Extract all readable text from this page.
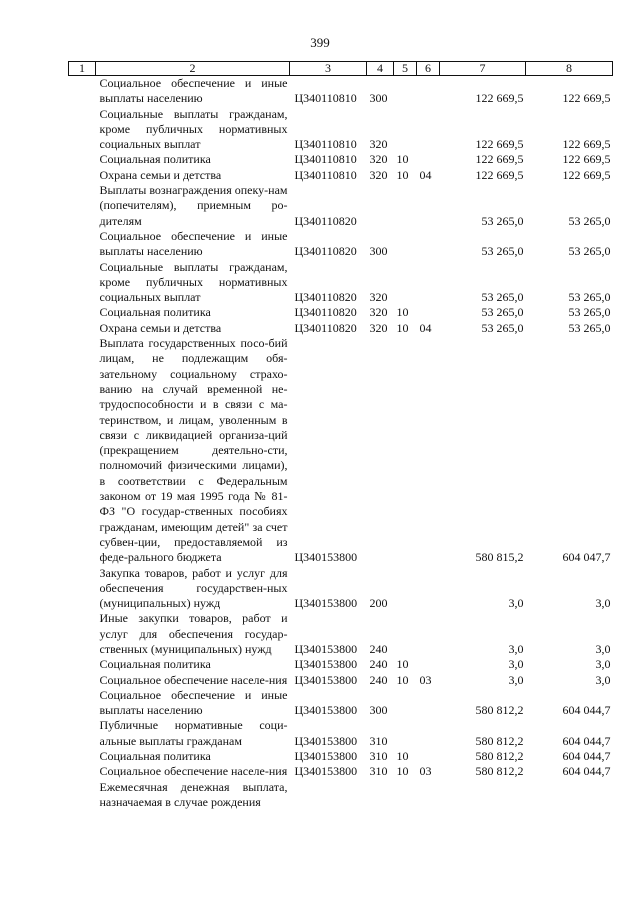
399
1	2	3	4	5	6	7	8
	Социальное обеспечение и иные выплаты населению	Ц340110810	300			122 669,5	122 669,5
	Социальные выплаты гражданам, кроме публичных нормативных социальных выплат	Ц340110810	320			122 669,5	122 669,5
	Социальная политика	Ц340110810	320	10		122 669,5	122 669,5
	Охрана семьи и детства	Ц340110810	320	10	04	122 669,5	122 669,5
	Выплаты вознаграждения опеку-нам (попечителям), приемным ро-дителям	Ц340110820				53 265,0	53 265,0
	Социальное обеспечение и иные выплаты населению	Ц340110820	300			53 265,0	53 265,0
	Социальные выплаты гражданам, кроме публичных нормативных социальных выплат	Ц340110820	320			53 265,0	53 265,0
	Социальная политика	Ц340110820	320	10		53 265,0	53 265,0
	Охрана семьи и детства	Ц340110820	320	10	04	53 265,0	53 265,0
	Выплата государственных посо-бий лицам, не подлежащим обя-зательному социальному страхо-ванию на случай временной не-трудоспособности и в связи с ма-теринством, и лицам, уволенным в связи с ликвидацией организа-ций (прекращением деятельно-сти, полномочий физическими лицами), в соответствии с Федеральным законом от 19 мая 1995 года № 81-ФЗ "О государ-ственных пособиях гражданам, имеющим детей" за счет субвен-ции, предоставляемой из феде-рального бюджета	Ц340153800				580 815,2	604 047,7
	Закупка товаров, работ и услуг для обеспечения государствен-ных (муниципальных) нужд	Ц340153800	200			3,0	3,0
	Иные закупки товаров, работ и услуг для обеспечения государ-ственных (муниципальных) нужд	Ц340153800	240			3,0	3,0
	Социальная политика	Ц340153800	240	10		3,0	3,0
	Социальное обеспечение населе-ния	Ц340153800	240	10	03	3,0	3,0
	Социальное обеспечение и иные выплаты населению	Ц340153800	300			580 812,2	604 044,7
	Публичные нормативные соци-альные выплаты гражданам	Ц340153800	310			580 812,2	604 044,7
	Социальная политика	Ц340153800	310	10		580 812,2	604 044,7
	Социальное обеспечение населе-ния	Ц340153800	310	10	03	580 812,2	604 044,7
	Ежемесячная денежная выплата, назначаемая в случае рождения						
